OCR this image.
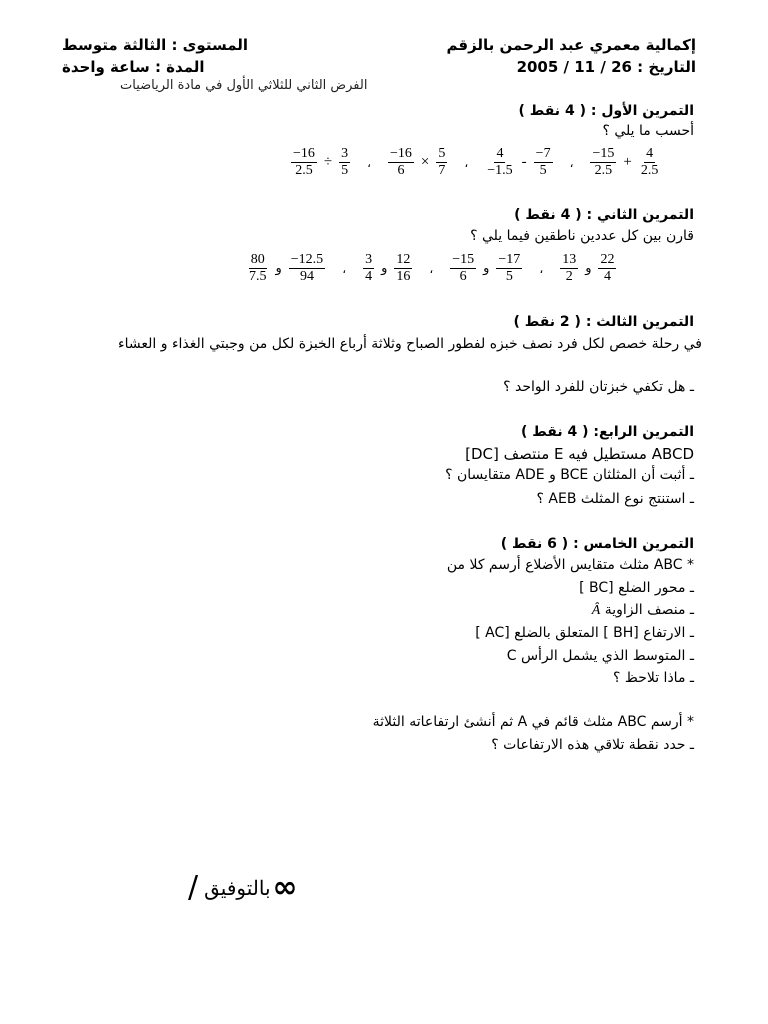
إكمالية معمري عبد الرحمن بالزقم
التاريخ : 26 / 11 / 2005
المستوى : الثالثة متوسط
المدة : ساعة واحدة
الفرض الثاني للثلاثي الأول في مادة الرياضيات
التمرين الأول : ( 4 نقط )
أحسب ما يلي ؟
$\frac{-16}{2.5} \div \frac{3}{5}$ ، $\frac{-16}{6} \times \frac{5}{7}$ ، $\frac{4}{-1.5} - \frac{-7}{5}$ ، $\frac{-15}{2.5} + \frac{4}{2.5}$
التمرين الثاني : ( 4 نقط )
قارن بين كل عددين ناطقين فيما يلي ؟
$\frac{80}{7.5}$ و $\frac{-12.5}{94}$ ، $\frac{3}{4}$ و $\frac{12}{16}$ ، $\frac{-15}{6}$ و $\frac{-17}{5}$ ، $\frac{13}{2}$ و $\frac{22}{4}$
التمرين الثالث : ( 2 نقط )
في رحلة خصص لكل فرد نصف خبزه لفطور الصباح وثلاثة أرباع الخبزة لكل من وجبتي الغذاء و العشاء
ـ هل تكفي خبزتان للفرد الواحد ؟
التمرين الرابع: ( 4 نقط )
ABCD مستطيل فيه E منتصف [DC]
ـ أثبت أن المثلثان BCE و ADE متقايسان ؟
ـ استنتج نوع المثلث AEB ؟
التمرين الخامس : ( 6 نقط )
* ABC مثلث متقايس الأضلاع أرسم كلا من
ـ محور الضلع [BC ]
ـ منصف الزاوية Â
ـ الارتفاع [BH ] المتعلق بالضلع [AC ]
ـ المتوسط الذي يشمل الرأس C
ـ ماذا تلاحظ ؟
* أرسم ABC مثلث قائم في A ثم أنشئ ارتفاعاته الثلاثة
ـ حدد نقطة تلاقي هذه الارتفاعات ؟
/ بالتوفيق ∞
